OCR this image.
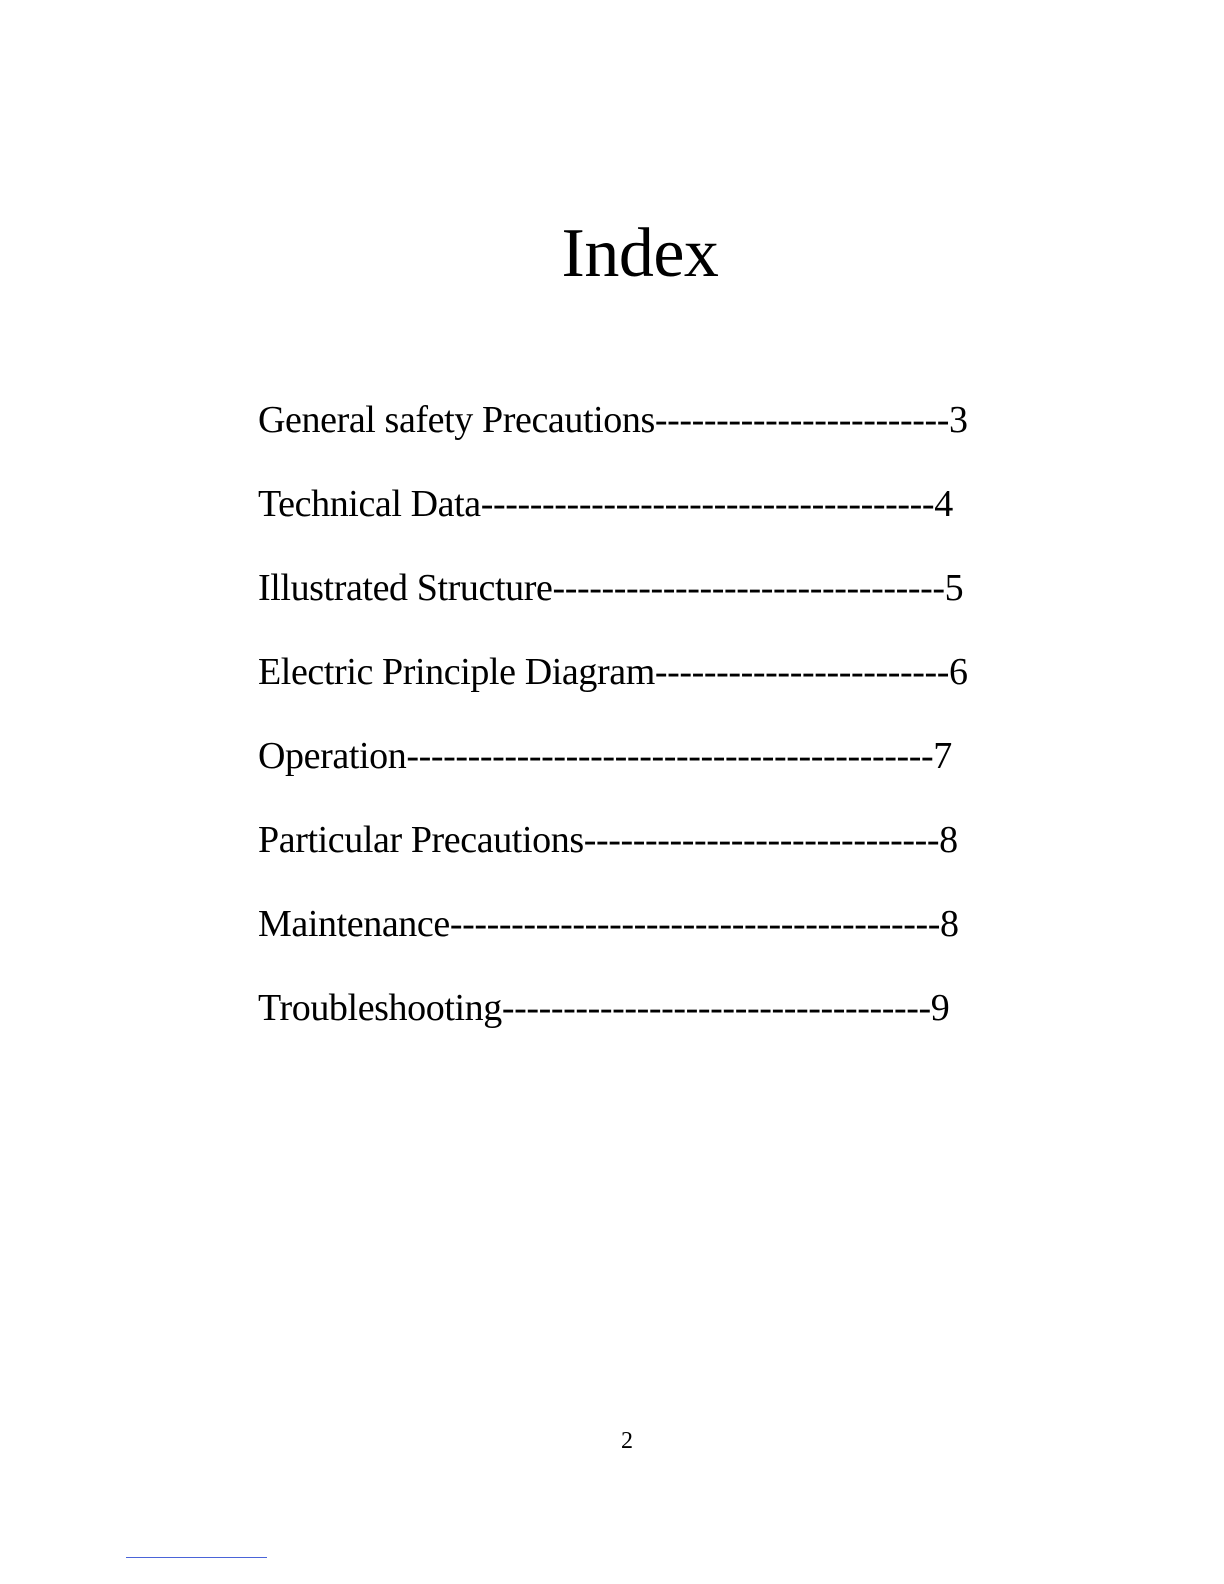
Index
General safety Precautions------------------------3
Technical Data-------------------------------------4
Illustrated Structure--------------------------------5
Electric Principle Diagram------------------------6
Operation-------------------------------------------7
Particular Precautions-----------------------------8
Maintenance----------------------------------------8
Troubleshooting-----------------------------------9
2
